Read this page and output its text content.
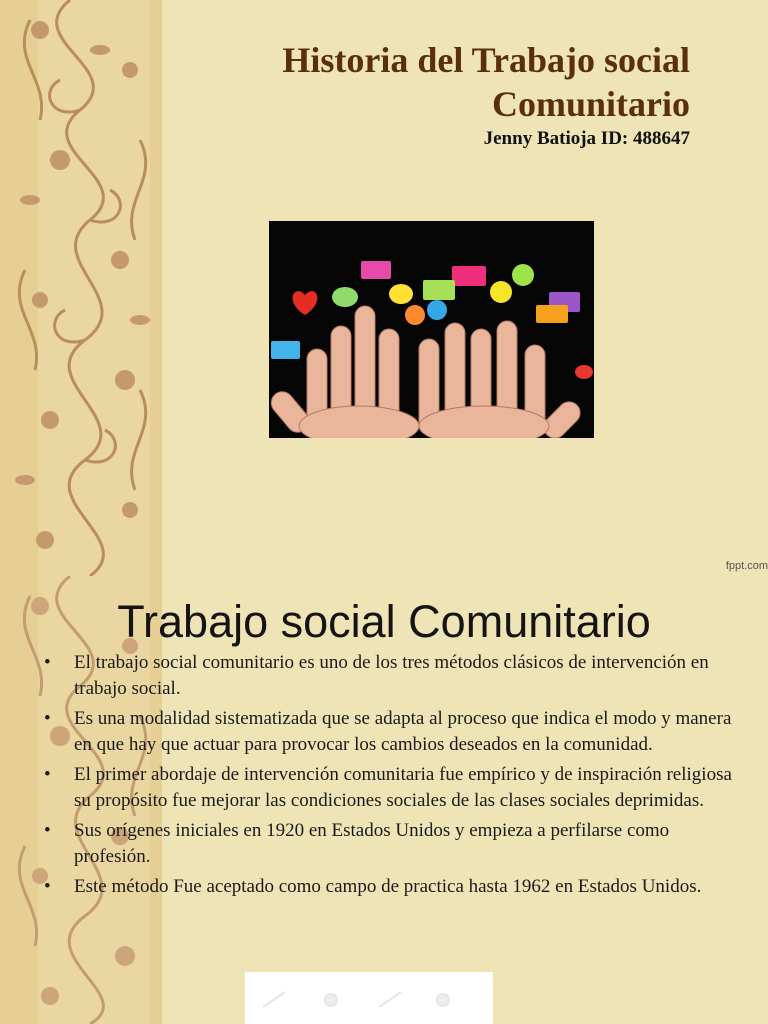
Historia del Trabajo social
Comunitario
Jenny Batioja ID: 488647
fppt.com
Trabajo social Comunitario
• El trabajo social comunitario es uno de los tres métodos clásicos de intervención en trabajo social.
• Es una modalidad sistematizada que se adapta al proceso que indica el modo y manera en que hay que actuar para provocar los cambios deseados en la comunidad.
• El primer abordaje de intervención comunitaria fue empírico y de inspiración religiosa su propósito fue mejorar las condiciones sociales de las clases sociales deprimidas.
• Sus orígenes iniciales en 1920 en Estados Unidos y empieza a perfilarse como profesión.
• Este método Fue aceptado como campo de practica hasta 1962 en Estados Unidos.
